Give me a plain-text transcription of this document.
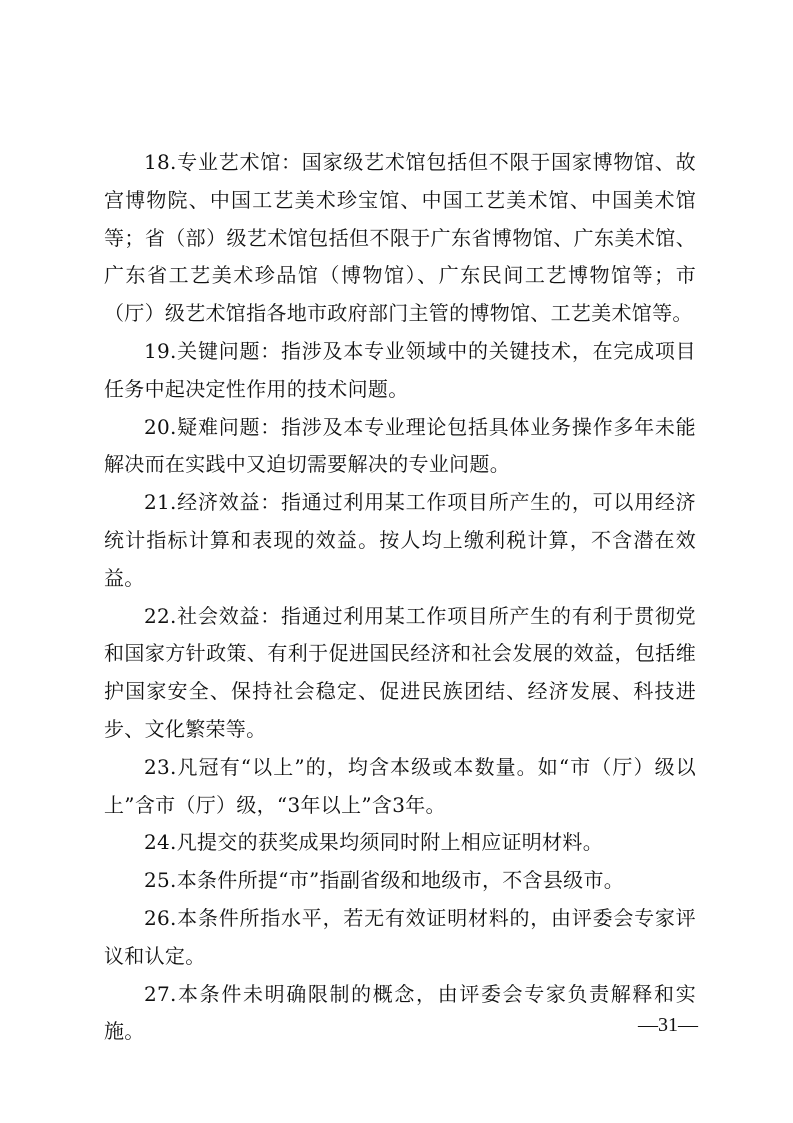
18.专业艺术馆：国家级艺术馆包括但不限于国家博物馆、故宫博物院、中国工艺美术珍宝馆、中国工艺美术馆、中国美术馆等；省（部）级艺术馆包括但不限于广东省博物馆、广东美术馆、广东省工艺美术珍品馆（博物馆）、广东民间工艺博物馆等；市（厅）级艺术馆指各地市政府部门主管的博物馆、工艺美术馆等。

19.关键问题：指涉及本专业领域中的关键技术，在完成项目任务中起决定性作用的技术问题。

20.疑难问题：指涉及本专业理论包括具体业务操作多年未能解决而在实践中又迫切需要解决的专业问题。

21.经济效益：指通过利用某工作项目所产生的，可以用经济统计指标计算和表现的效益。按人均上缴利税计算，不含潜在效益。

22.社会效益：指通过利用某工作项目所产生的有利于贯彻党和国家方针政策、有利于促进国民经济和社会发展的效益，包括维护国家安全、保持社会稳定、促进民族团结、经济发展、科技进步、文化繁荣等。

23.凡冠有“以上”的，均含本级或本数量。如“市（厅）级以上”含市（厅）级，“3年以上”含3年。

24.凡提交的获奖成果均须同时附上相应证明材料。

25.本条件所提“市”指副省级和地级市，不含县级市。

26.本条件所指水平，若无有效证明材料的，由评委会专家评议和认定。

27.本条件未明确限制的概念，由评委会专家负责解释和实施。	—31—
